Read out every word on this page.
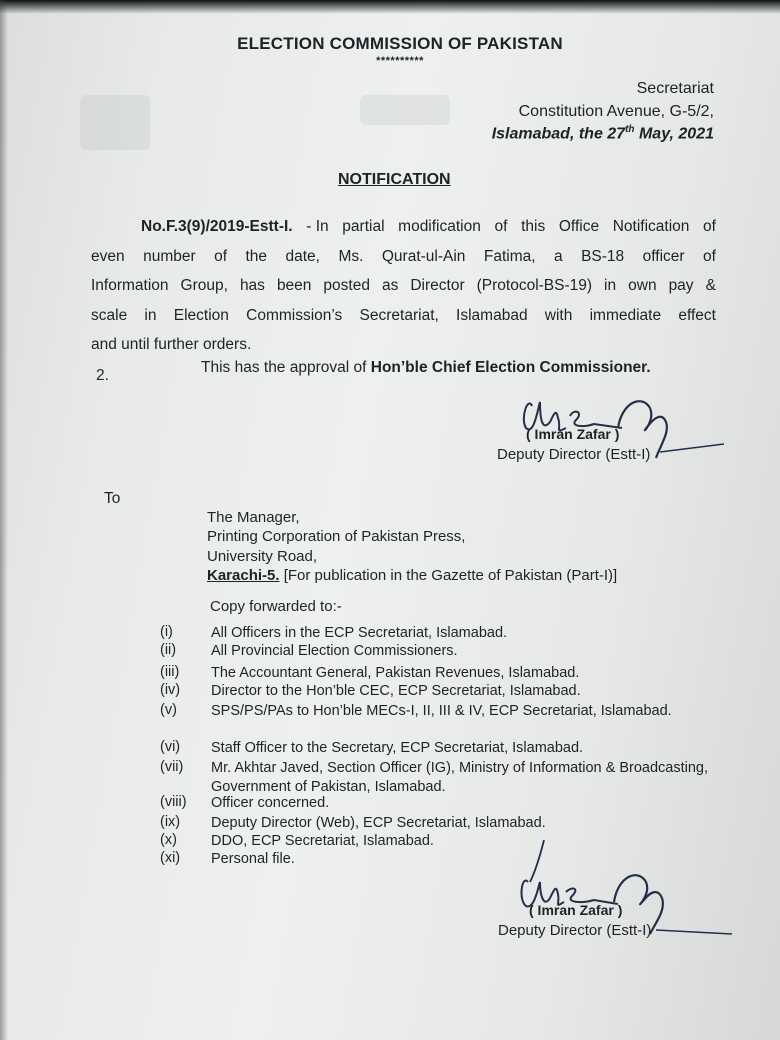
ELECTION COMMISSION OF PAKISTAN
**********
Secretariat
Constitution Avenue, G-5/2,
Islamabad, the 27th May, 2021
NOTIFICATION
No.F.3(9)/2019-Estt-I. - In partial modification of this Office Notification of
even number of the date, Ms. Qurat-ul-Ain Fatima, a BS-18 officer of
Information Group, has been posted as Director (Protocol-BS-19) in own pay &
scale in Election Commission’s Secretariat, Islamabad with immediate effect
and until further orders.
2.	This has the approval of Hon’ble Chief Election Commissioner.
( Imran Zafar )
Deputy Director (Estt-I)
To
The Manager,
Printing Corporation of Pakistan Press,
University Road,
Karachi-5. [For publication in the Gazette of Pakistan (Part-I)]
Copy forwarded to:-
(i)	All Officers in the ECP Secretariat, Islamabad.
(ii)	All Provincial Election Commissioners.
(iii)	The Accountant General, Pakistan Revenues, Islamabad.
(iv)	Director to the Hon’ble CEC, ECP Secretariat, Islamabad.
(v)	SPS/PS/PAs to Hon’ble MECs-I, II, III & IV, ECP Secretariat, Islamabad.
(vi)	Staff Officer to the Secretary, ECP Secretariat, Islamabad.
(vii)	Mr. Akhtar Javed, Section Officer (IG), Ministry of Information & Broadcasting, Government of Pakistan, Islamabad.
(viii)	Officer concerned.
(ix)	Deputy Director (Web), ECP Secretariat, Islamabad.
(x)	DDO, ECP Secretariat, Islamabad.
(xi)	Personal file.
( Imran Zafar )
Deputy Director (Estt-I)
